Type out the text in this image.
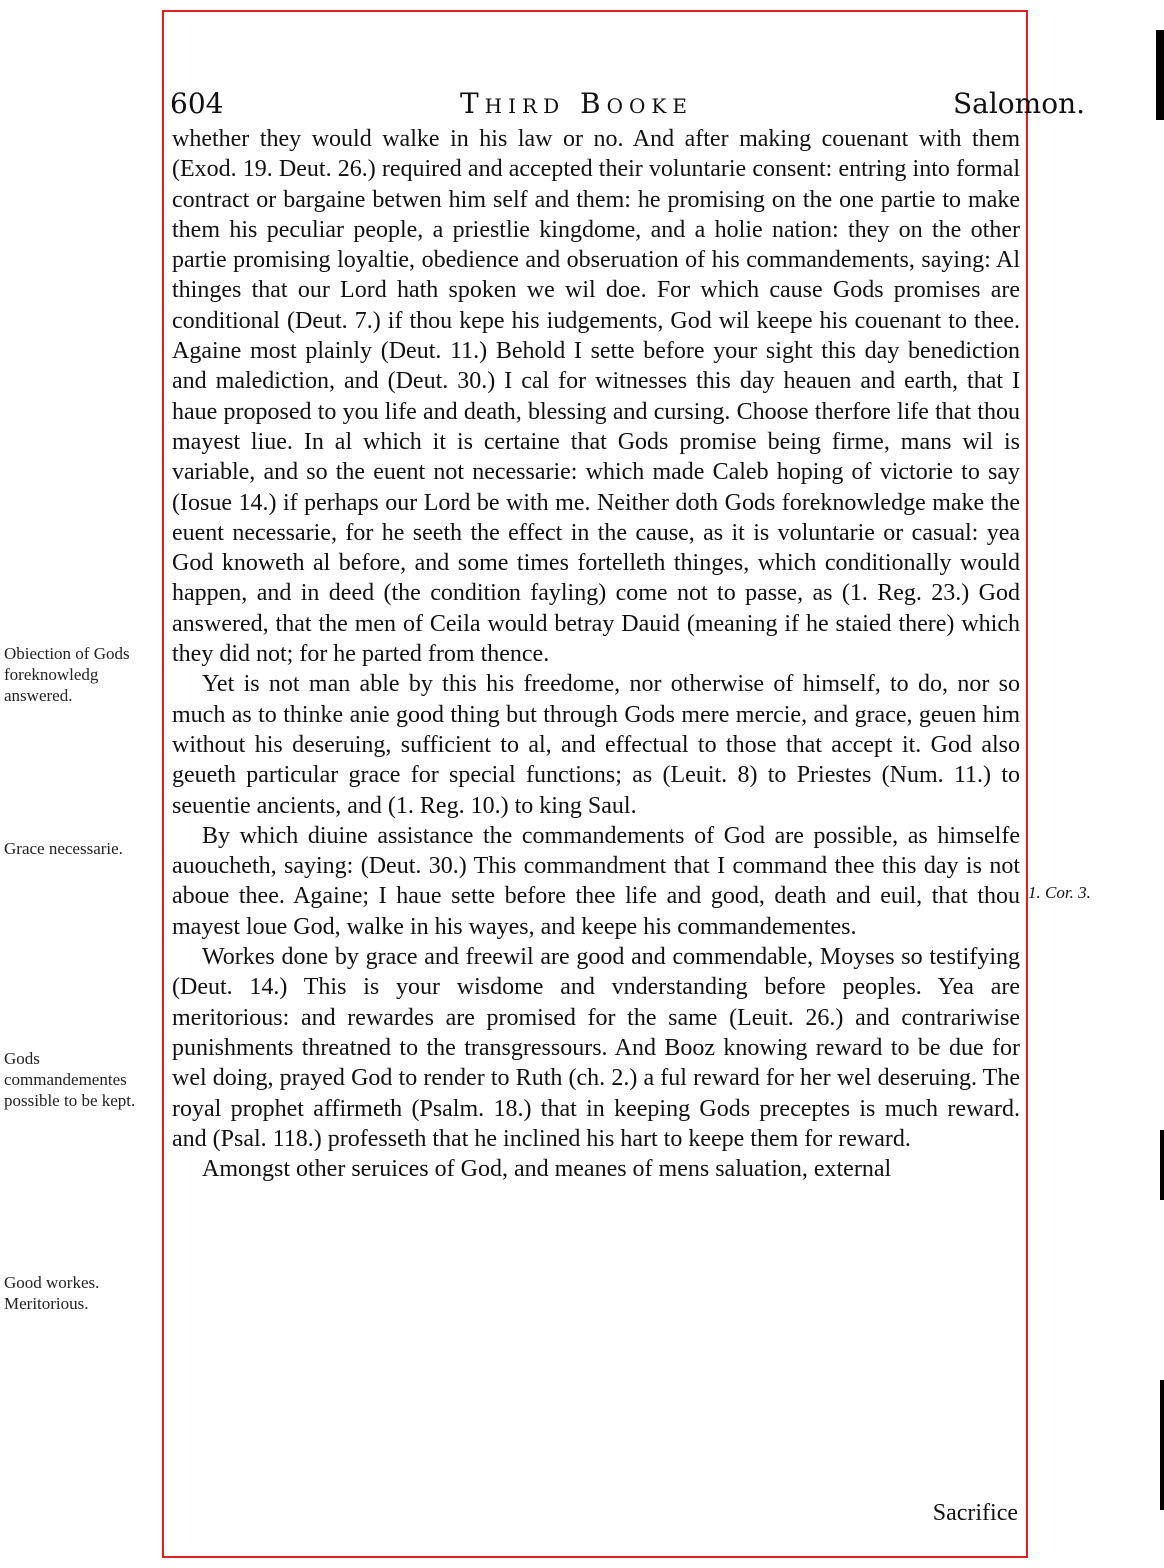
604	Third Booke	Salomon.

whether they would walke in his law or no. And after making couenant with them (Exod. 19. Deut. 26.) required and accepted their voluntarie consent: entring into formal contract or bargaine betwen him self and them: he promising on the one partie to make them his peculiar people, a priestlie kingdome, and a holie nation: they on the other partie promising loyaltie, obedience and obseruation of his commandements, saying: Al thinges that our Lord hath spoken we wil doe. For which cause Gods promises are conditional (Deut. 7.) if thou kepe his iudgements, God wil keepe his couenant to thee. Againe most plainly (Deut. 11.) Behold I sette before your sight this day benediction and malediction, and (Deut. 30.) I cal for witnesses this day heauen and earth, that I haue proposed to you life and death, blessing and cursing. Choose therfore life that thou mayest liue. In al which it is certaine that Gods promise being firme, mans wil is variable, and so the euent not necessarie: which made Caleb hoping of victorie to say (Iosue 14.) if perhaps our Lord be with me. Neither doth Gods foreknowledge make the euent necessarie, for he seeth the effect in the cause, as it is voluntarie or casual: yea God knoweth al before, and some times fortelleth thinges, which conditionally would happen, and in deed (the condition fayling) come not to passe, as (1. Reg. 23.) God answered, that the men of Ceila would betray Dauid (meaning if he staied there) which they did not; for he parted from thence.

Yet is not man able by this his freedome, nor otherwise of himself, to do, nor so much as to thinke anie good thing but through Gods mere mercie, and grace, geuen him without his deseruing, sufficient to al, and effectual to those that accept it. God also geueth particular grace for special functions; as (Leuit. 8) to Priestes (Num. 11.) to seuentie ancients, and (1. Reg. 10.) to king Saul.

By which diuine assistance the commandements of God are possible, as himselfe auoucheth, saying: (Deut. 30.) This commandment that I command thee this day is not aboue thee. Againe; I haue sette before thee life and good, death and euil, that thou mayest loue God, walke in his wayes, and keepe his commandementes.

Workes done by grace and freewil are good and commendable, Moyses so testifying (Deut. 14.) This is your wisdome and vnderstanding before peoples. Yea are meritorious: and rewardes are promised for the same (Leuit. 26.) and contrariwise punishments threatned to the transgressours. And Booz knowing reward to be due for wel doing, prayed God to render to Ruth (ch. 2.) a ful reward for her wel deseruing. The royal prophet affirmeth (Psalm. 18.) that in keeping Gods preceptes is much reward. and (Psal. 118.) professeth that he inclined his hart to keepe them for reward.

Amongst other seruices of God, and meanes of mens saluation, external

Sacrifice
Obiection of Gods foreknowledg answered.
Grace necessarie.
Gods commandementes possible to be kept.
Good workes. Meritorious.
1. Cor. 3.
